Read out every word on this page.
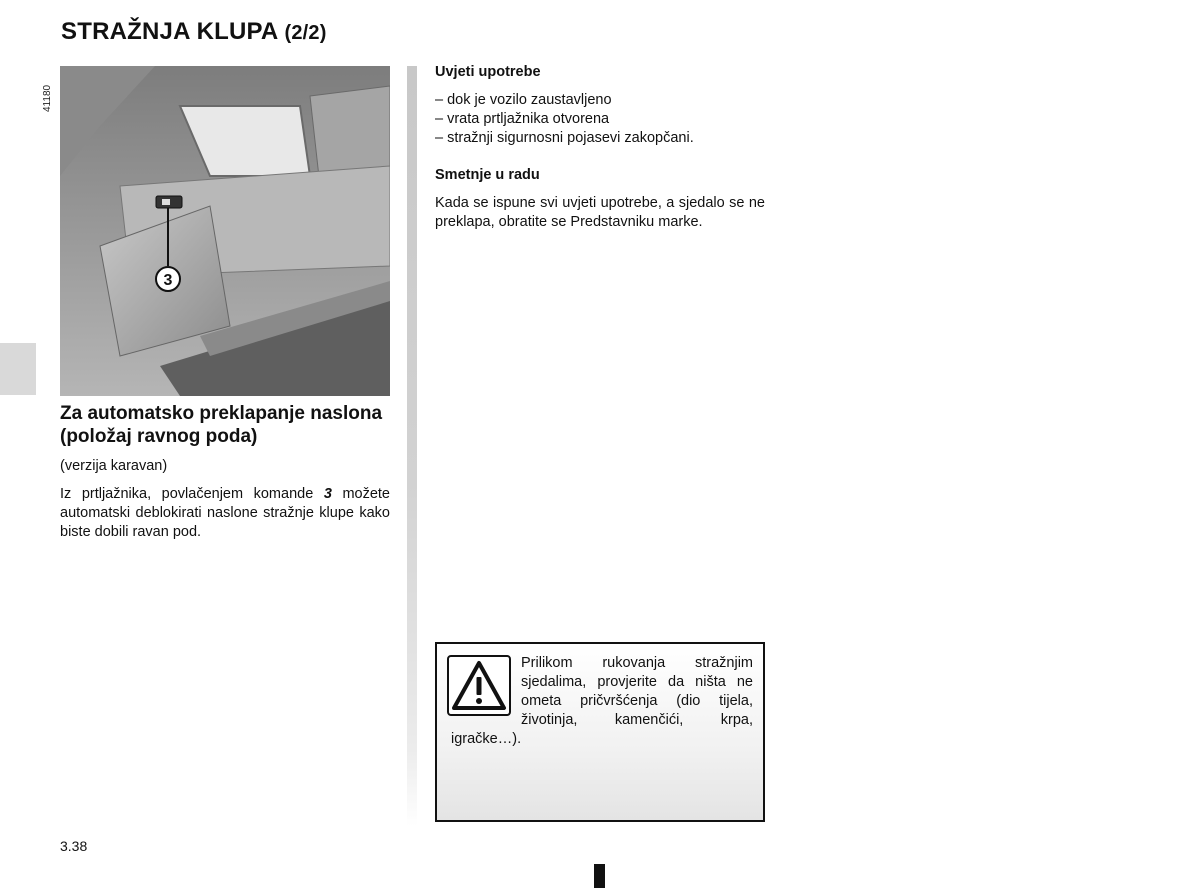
STRAŽNJA KLUPA (2/2)
3
41180
Za automatsko preklapanje naslona (položaj ravnog poda)
(verzija karavan)
Iz prtljažnika, povlačenjem komande 3 možete automatski deblokirati naslone stražnje klupe kako biste dobili ravan pod.
Uvjeti upotrebe
– dok je vozilo zaustavljeno
– vrata prtljažnika otvorena
– stražnji sigurnosni pojasevi zakopčani.
Smetnje u radu
Kada se ispune svi uvjeti upotrebe, a sjedalo se ne preklapa, obratite se Predstavniku marke.
Prilikom rukovanja stražnjim sjedalima, provjerite da ništa ne ometa pričvršćenja (dio tijela, životinja, kamenčići, krpa, igračke…).
3.38
